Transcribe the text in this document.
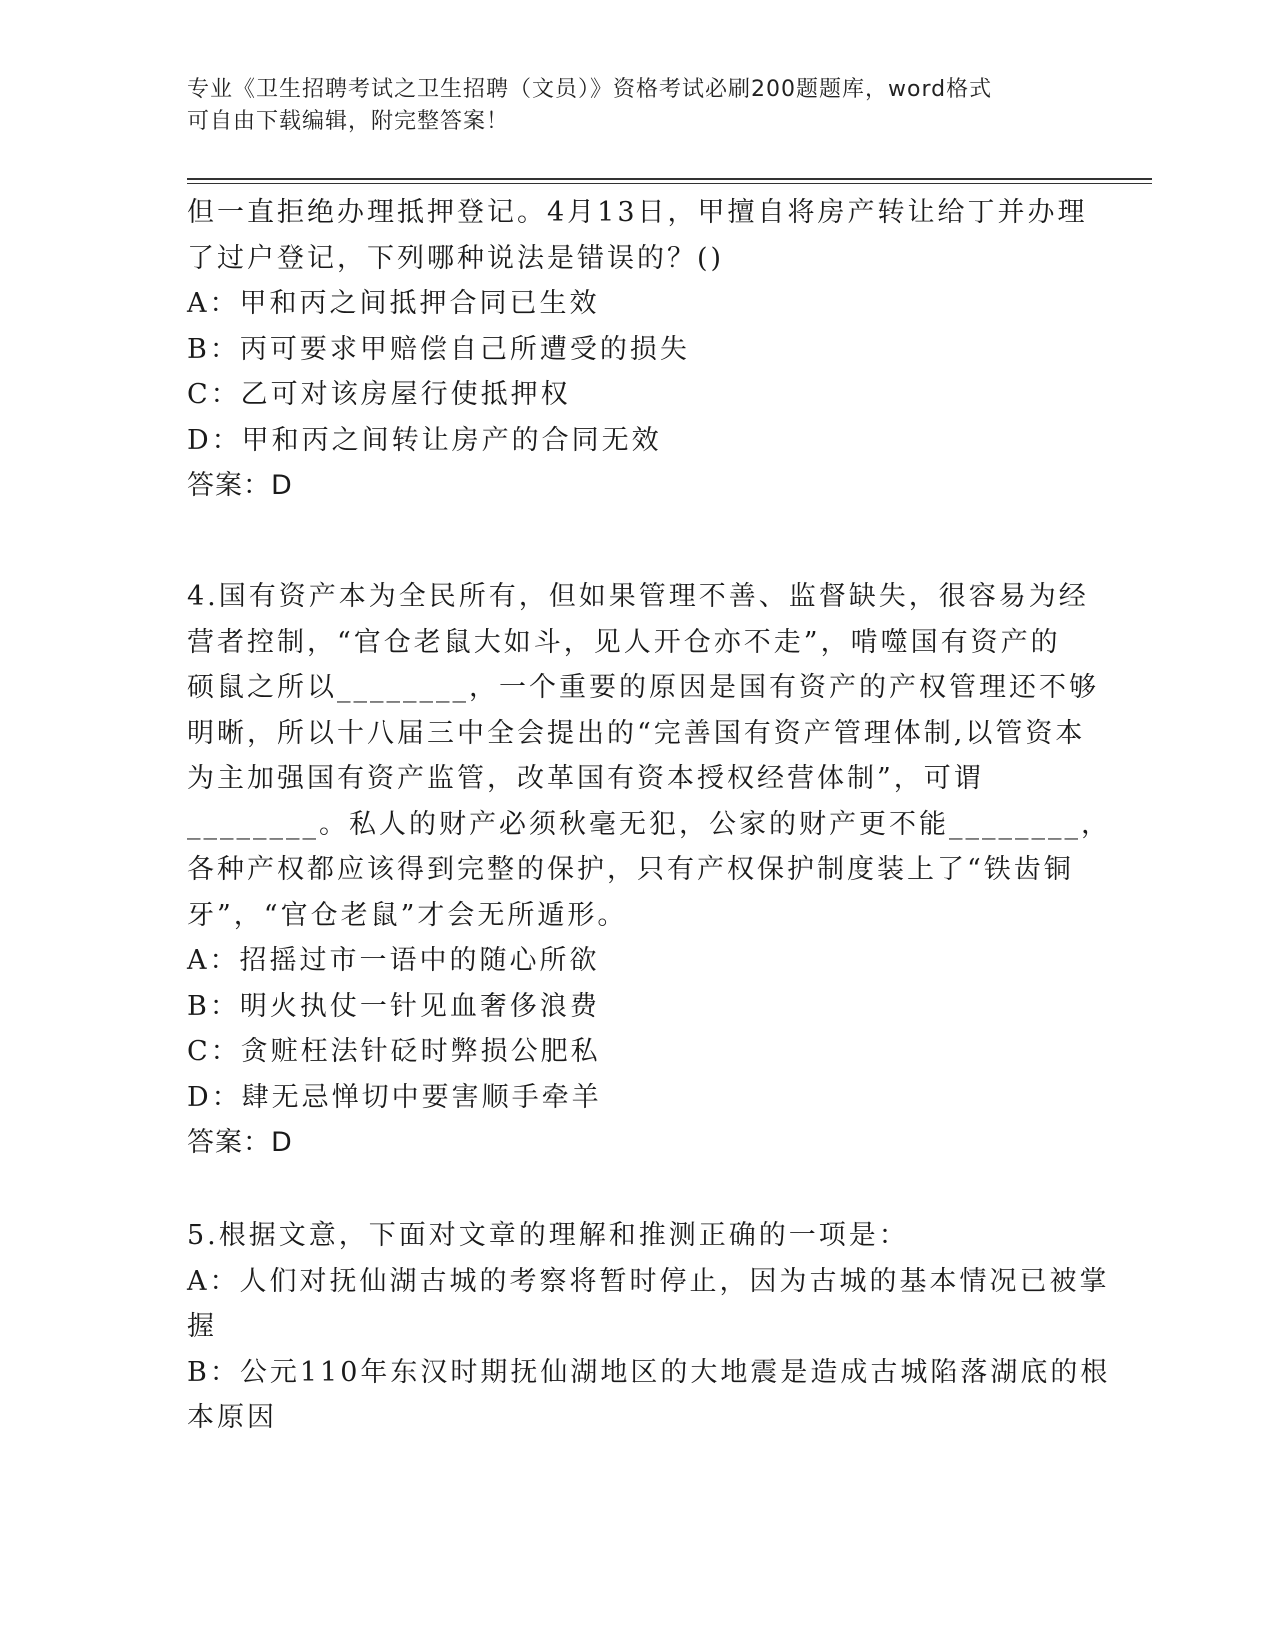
专业《卫生招聘考试之卫生招聘（文员）》资格考试必刷200题题库，word格式
可自由下载编辑，附完整答案！
但一直拒绝办理抵押登记。4月13日，甲擅自将房产转让给丁并办理
了过户登记，下列哪种说法是错误的？()
A：甲和丙之间抵押合同已生效
B：丙可要求甲赔偿自己所遭受的损失
C：乙可对该房屋行使抵押权
D：甲和丙之间转让房产的合同无效
答案：D
4.国有资产本为全民所有，但如果管理不善、监督缺失，很容易为经
营者控制，“官仓老鼠大如斗，见人开仓亦不走”，啃噬国有资产的
硕鼠之所以________，一个重要的原因是国有资产的产权管理还不够
明晰，所以十八届三中全会提出的“完善国有资产管理体制,以管资本
为主加强国有资产监管，改革国有资本授权经营体制”，可谓
________。私人的财产必须秋毫无犯，公家的财产更不能________，
各种产权都应该得到完整的保护，只有产权保护制度装上了“铁齿铜
牙”，“官仓老鼠”才会无所遁形。
A：招摇过市一语中的随心所欲
B：明火执仗一针见血奢侈浪费
C：贪赃枉法针砭时弊损公肥私
D：肆无忌惮切中要害顺手牵羊
答案：D
5.根据文意，下面对文章的理解和推测正确的一项是：
A：人们对抚仙湖古城的考察将暂时停止，因为古城的基本情况已被掌
握
B：公元110年东汉时期抚仙湖地区的大地震是造成古城陷落湖底的根
本原因
